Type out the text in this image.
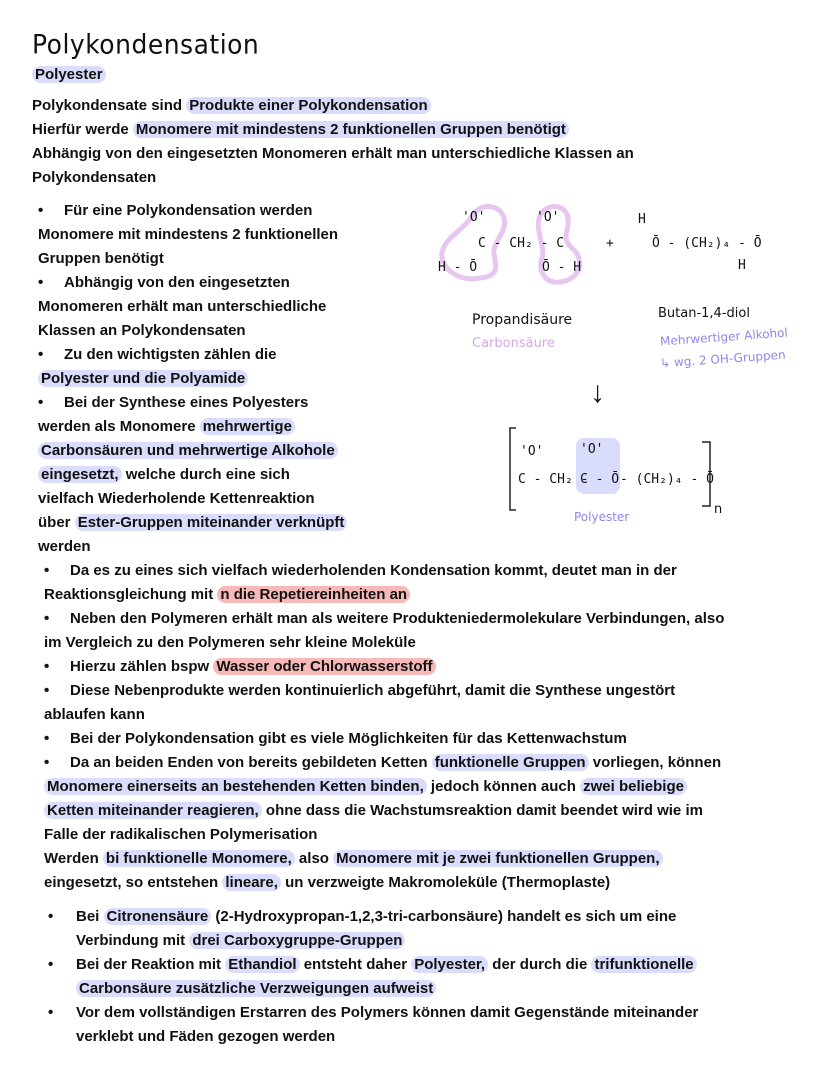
Polykondensation
Polyester
Polykondensate sind Produkte einer Polykondensation
Hierfür werde Monomere mit mindestens 2 funktionellen Gruppen benötigt
Abhängig von den eingesetzten Monomeren erhält man unterschiedliche Klassen an
Polykondensaten
• Für eine Polykondensation werden
Monomere mit mindestens 2 funktionellen
Gruppen benötigt
• Abhängig von den eingesetzten
Monomeren erhält man unterschiedliche
Klassen an Polykondensaten
• Zu den wichtigsten zählen die
Polyester und die Polyamide
• Bei der Synthese eines Polyesters
werden als Monomere mehrwertige
Carbonsäuren und mehrwertige Alkohole
eingesetzt, welche durch eine sich
vielfach Wiederholende Kettenreaktion
über Ester-Gruppen miteinander verknüpft
werden
'O'	'O'
C - CH₂ - C
H - Ō	Ō - H
+
H
Ō - (CH₂)₄ - Ō
H
Propandisäure
Carbonsäure
Butan-1,4-diol
Mehrwertiger Alkohol
↳ wg. 2 OH-Gruppen
↓
'O'	'O'
C - CH₂ -
C - Ō - (CH₂)₄ - Ō
n
Polyester
• Da es zu eines sich vielfach wiederholenden Kondensation kommt, deutet man in der
Reaktionsgleichung mit n die Repetiereinheiten an
• Neben den Polymeren erhält man als weitere Produkteniedermolekulare Verbindungen, also
im Vergleich zu den Polymeren sehr kleine Moleküle
• Hierzu zählen bspw Wasser oder Chlorwasserstoff
• Diese Nebenprodukte werden kontinuierlich abgeführt, damit die Synthese ungestört
ablaufen kann
• Bei der Polykondensation gibt es viele Möglichkeiten für das Kettenwachstum
• Da an beiden Enden von bereits gebildeten Ketten funktionelle Gruppen vorliegen, können
Monomere einerseits an bestehenden Ketten binden, jedoch können auch zwei beliebige
Ketten miteinander reagieren, ohne dass die Wachstumsreaktion damit beendet wird wie im
Falle der radikalischen Polymerisation
Werden bi funktionelle Monomere, also Monomere mit je zwei funktionellen Gruppen,
eingesetzt, so entstehen lineare, un verzweigte Makromoleküle (Thermoplaste)
• Bei Citronensäure (2-Hydroxypropan-1,2,3-tri-carbonsäure) handelt es sich um eine
Verbindung mit drei Carboxygruppe-Gruppen
• Bei der Reaktion mit Ethandiol entsteht daher Polyester, der durch die trifunktionelle
Carbonsäure zusätzliche Verzweigungen aufweist
• Vor dem vollständigen Erstarren des Polymers können damit Gegenstände miteinander
verklebt und Fäden gezogen werden
